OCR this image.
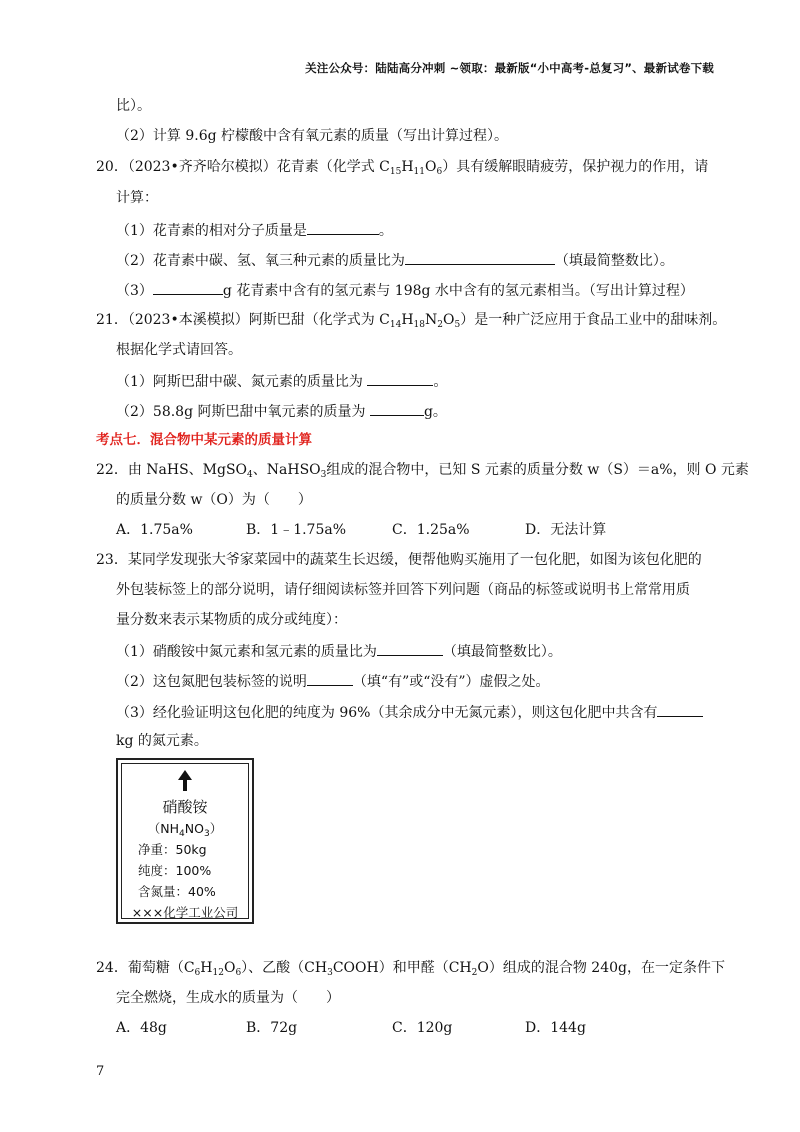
关注公众号：陆陆高分冲刺 ~领取：最新版“小中高考-总复习”、最新试卷下载
比）。
（2）计算 9.6g 柠檬酸中含有氧元素的质量（写出计算过程）。
20．（2023•齐齐哈尔模拟）花青素（化学式 $C_{15}H_{11}O_6$）具有缓解眼睛疲劳，保护视力的作用，请
计算：
（1）花青素的相对分子质量是	。
（2）花青素中碳、氢、氧三种元素的质量比为	（填最简整数比）。
（3）	g 花青素中含有的氢元素与 198g 水中含有的氢元素相当。（写出计算过程）
21．（2023•本溪模拟）阿斯巴甜（化学式为 $C_{14}H_{18}N_2O_5$）是一种广泛应用于食品工业中的甜味剂。
根据化学式请回答。
（1）阿斯巴甜中碳、氮元素的质量比为	。
（2）58.8g 阿斯巴甜中氧元素的质量为	g。
考点七．混合物中某元素的质量计算
22．由 NaHS、MgSO$_4$、NaHSO$_3$组成的混合物中，已知 S 元素的质量分数 w（S）＝a%，则 O 元素
的质量分数 w（O）为（　　）
A．1.75a%	B．1﹣1.75a%	C．1.25a%	D．无法计算
23．某同学发现张大爷家菜园中的蔬菜生长迟缓，便帮他购买施用了一包化肥，如图为该包化肥的
外包装标签上的部分说明，请仔细阅读标签并回答下列问题（商品的标签或说明书上常常用质
量分数来表示某物质的成分或纯度）：
（1）硝酸铵中氮元素和氢元素的质量比为	（填最简整数比）。
（2）这包氮肥包装标签的说明	（填“有”或“没有”）虚假之处。
（3）经化验证明这包化肥的纯度为 96%（其余成分中无氮元素），则这包化肥中共含有
kg 的氮元素。
硝酸铵
$(NH_4NO_3)$
净重：50kg
纯度：100%
含氮量：40%
×××化学工业公司
24．葡萄糖$(C_6H_{12}O_6)$、乙酸$(CH_3COOH)$和甲醛$(CH_2O)$组成的混合物 240g，在一定条件下
完全燃烧，生成水的质量为（　　）
A．48g	B．72g	C．120g	D．144g
7
